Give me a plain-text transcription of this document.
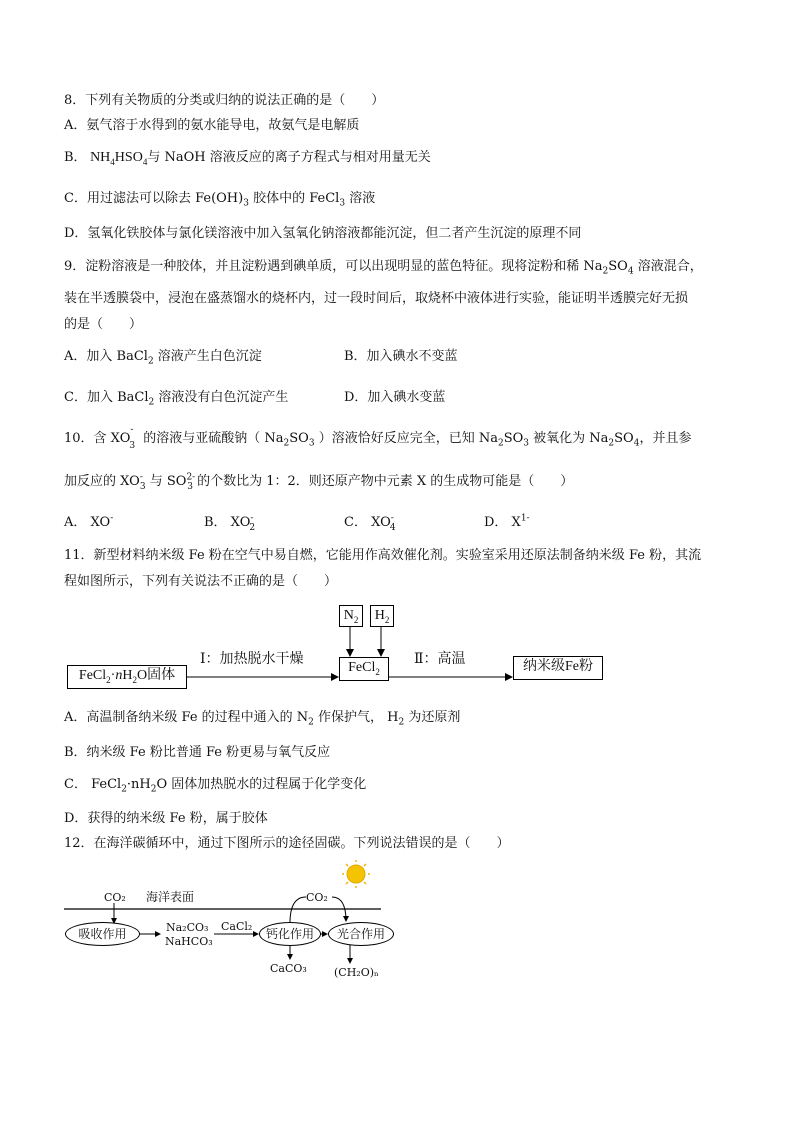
8．下列有关物质的分类或归纳的说法正确的是（　　）
A．氨气溶于水得到的氨水能导电，故氨气是电解质
B． $NH_4HSO_4$与 NaOH 溶液反应的离子方程式与相对用量无关
C．用过滤法可以除去 $Fe(OH)_3$ 胶体中的 FeCl$_3$ 溶液
D．氢氧化铁胶体与氯化镁溶液中加入氢氧化钠溶液都能沉淀，但二者产生沉淀的原理不同
9．淀粉溶液是一种胶体，并且淀粉遇到碘单质，可以出现明显的蓝色特征。现将淀粉和稀 $Na_2SO_4$ 溶液混合，
装在半透膜袋中，浸泡在盛蒸馏水的烧杯内，过一段时间后，取烧杯中液体进行实验，能证明半透膜完好无损
的是（　　）
A．加入 BaCl$_2$ 溶液产生白色沉淀	B．加入碘水不变蓝
C．加入 BaCl$_2$ 溶液没有白色沉淀产生	D．加入碘水变蓝
10．含 $XO^-_3$ 的溶液与亚硫酸钠（ $Na_2SO_3$ ）溶液恰好反应完全，已知 $Na_2SO_3$ 被氧化为 $Na_2SO_4$，并且参
加反应的 $XO^-_3$ 与 $SO^{2-}_3$ 的个数比为 1：2．则还原产物中元素 X 的生成物可能是（　　）
A． XO-	B． $XO^-_2$	C． $XO^-_4$	D． $X^{1-}$
11．新型材料纳米级 Fe 粉在空气中易自燃，它能用作高效催化剂。实验室采用还原法制备纳米级 Fe 粉，其流
程如图所示，下列有关说法不正确的是（　　）
$FeCl_2\cdot nH_2O$固体
Ⅰ：加热脱水干燥
FeCl$_2$
$N_2$	$H_2$
Ⅱ：高温	纳米级Fe粉
A．高温制备纳米级 Fe 的过程中通入的 $N_2$ 作保护气， $H_2$ 为还原剂
B．纳米级 Fe 粉比普通 Fe 粉更易与氧气反应
C． $FeCl_2\cdot nH_2O$ 固体加热脱水的过程属于化学变化
D．获得的纳米级 Fe 粉，属于胶体
12．在海洋碳循环中，通过下图所示的途径固碳。下列说法错误的是（　　）
CO₂ 海洋表面
吸收作用	Na₂CO₃
NaHCO₃
CaCl₂
钙化作用	光合作用
CO₂
CaCO₃ (CH₂O)ₙ
